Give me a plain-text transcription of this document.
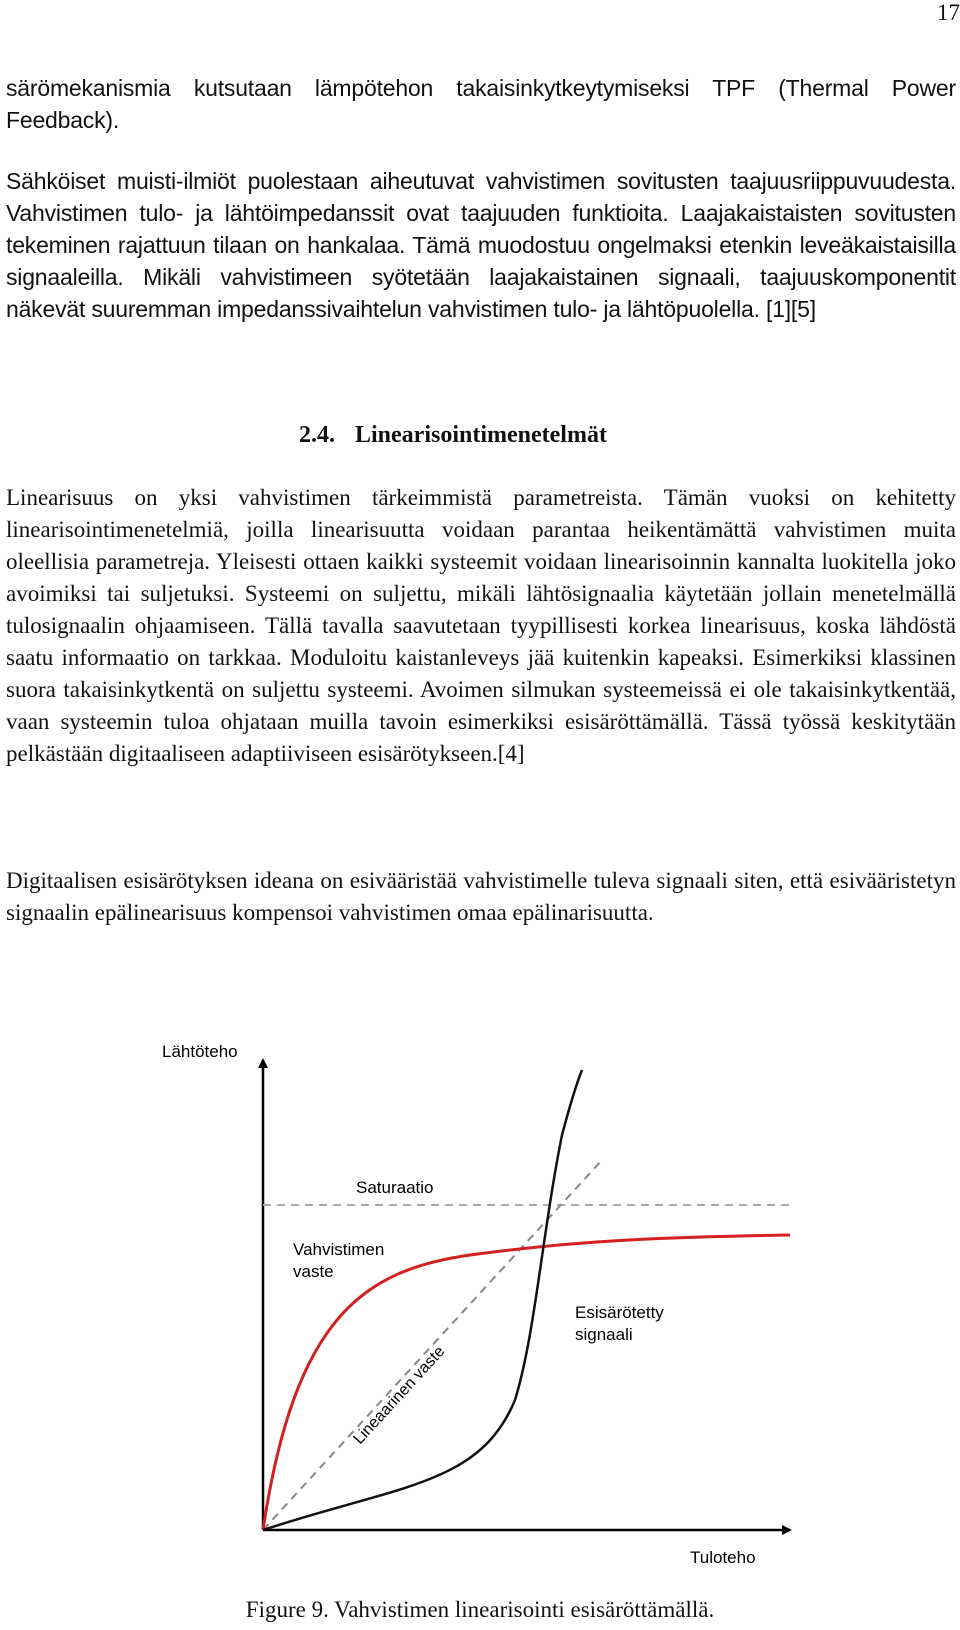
17

särömekanismia kutsutaan lämpötehon takaisinkytkeytymiseksi TPF (Thermal Power Feedback).

Sähköiset muisti-ilmiöt puolestaan aiheutuvat vahvistimen sovitusten taajuusriippuvuudesta. Vahvistimen tulo- ja lähtöimpedanssit ovat taajuuden funktioita. Laajakaistaisten sovitusten tekeminen rajattuun tilaan on hankalaa. Tämä muodostuu ongelmaksi etenkin leveäkaistaisilla signaaleilla. Mikäli vahvistimeen syötetään laajakaistainen signaali, taajuuskomponentit näkevät suuremman impedanssivaihtelun vahvistimen tulo- ja lähtöpuolella. [1][5]

2.4. Linearisointimenetelmät

Linearisuus on yksi vahvistimen tärkeimmistä parametreista. Tämän vuoksi on kehitetty linearisointimenetelmiä, joilla linearisuutta voidaan parantaa heikentämättä vahvistimen muita oleellisia parametreja. Yleisesti ottaen kaikki systeemit voidaan linearisoinnin kannalta luokitella joko avoimiksi tai suljetuksi. Systeemi on suljettu, mikäli lähtösignaalia käytetään jollain menetelmällä tulosignaalin ohjaamiseen. Tällä tavalla saavutetaan tyypillisesti korkea linearisuus, koska lähdöstä saatu informaatio on tarkkaa. Moduloitu kaistanleveys jää kuitenkin kapeaksi. Esimerkiksi klassinen suora takaisinkytkentä on suljettu systeemi. Avoimen silmukan systeemeissä ei ole takaisinkytkentää, vaan systeemin tuloa ohjataan muilla tavoin esimerkiksi esisäröttämällä. Tässä työssä keskitytään pelkästään digitaaliseen adaptiiviseen esisärötykseen.[4]

Digitaalisen esisärötyksen ideana on esivääristää vahvistimelle tuleva signaali siten, että esivääristetyn signaalin epälinearisuus kompensoi vahvistimen omaa epälinarisuutta.

Lähtöteho
Tuloteho
Saturaatio
Vahvistimen
vaste
Esisärötetty
signaali
Lineaarinen vaste

Figure 9. Vahvistimen linearisointi esisäröttämällä.
